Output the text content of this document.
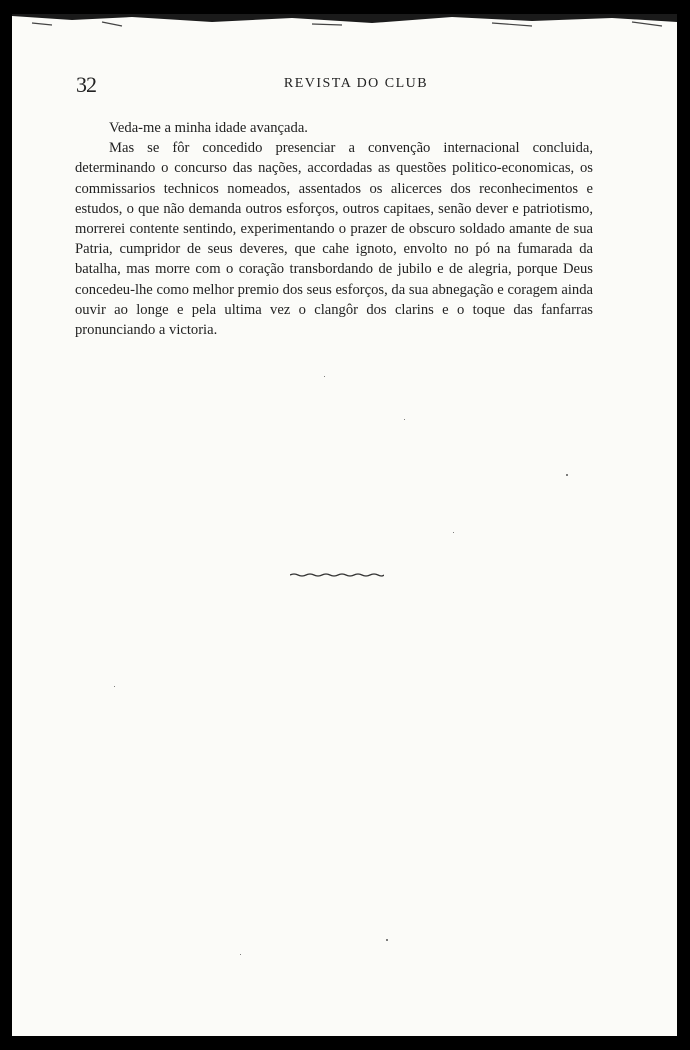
32	REVISTA DO CLUB

Veda-me a minha idade avançada.

Mas se fôr concedido presenciar a convenção internacional concluida, determinando o concurso das nações, accordadas as questões politico-economicas, os commissarios technicos nomeados, assentados os alicerces dos reconhecimentos e estudos, o que não demanda outros esforços, outros capitaes, senão dever e patriotismo, morrerei contente sentindo, experimentando o prazer de obscuro soldado amante de sua Patria, cumpridor de seus deveres, que cahe ignoto, envolto no pó na fumarada da batalha, mas morre com o coração transbordando de jubilo e de alegria, porque Deus concedeu-lhe como melhor premio dos seus esforços, da sua abnegação e coragem ainda ouvir ao longe e pela ultima vez o clangôr dos clarins e o toque das fanfarras pronunciando a victoria.
